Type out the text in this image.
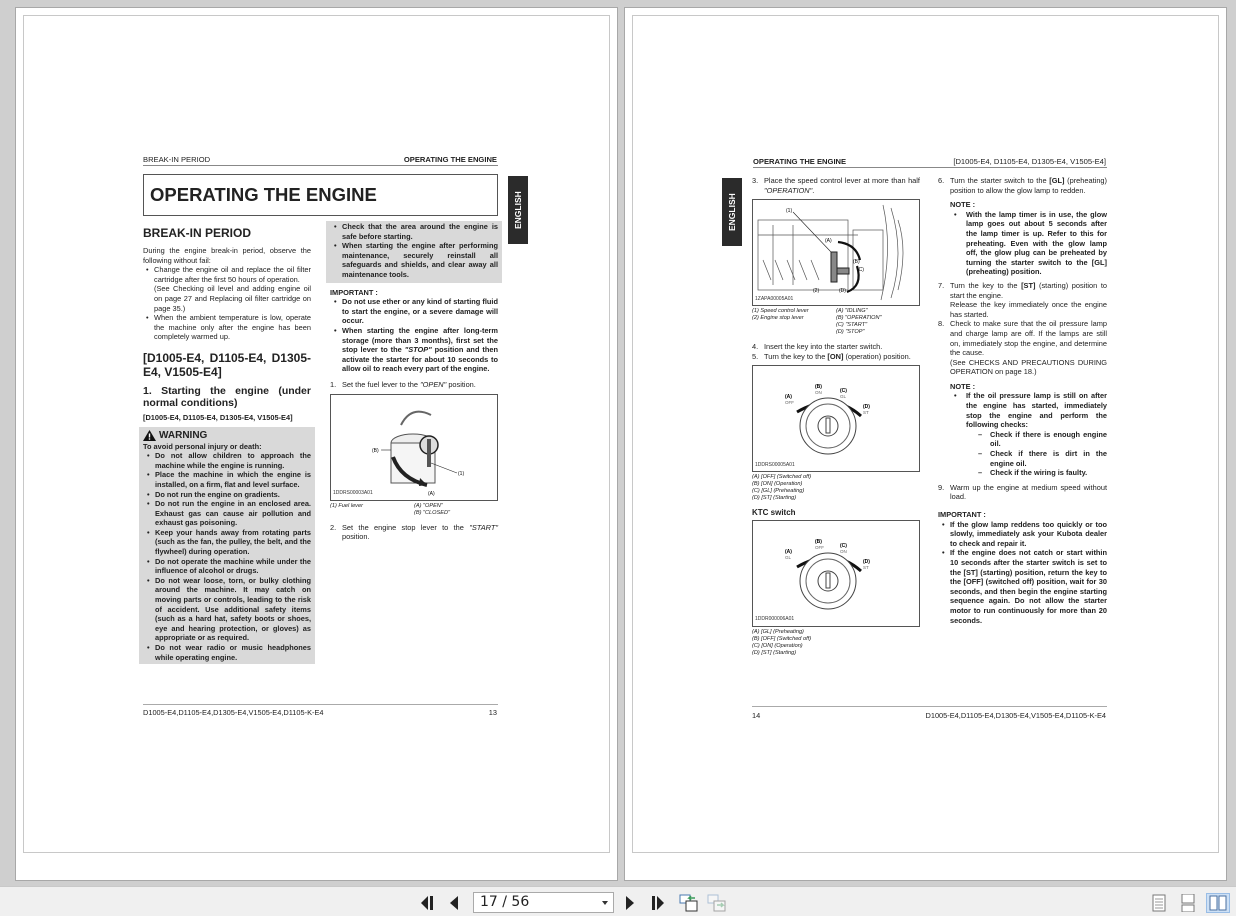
BREAK-IN PERIOD	OPERATING THE ENGINE
OPERATING THE ENGINE	ENGLISH
BREAK-IN PERIOD

During the engine break-in period, observe the following without fail:

• Change the engine oil and replace the oil filter cartridge after the first 50 hours of operation.
(See Checking oil level and adding engine oil on page 27 and Replacing oil filter cartridge on page 35.)
• When the ambient temperature is low, operate the machine only after the engine has been completely warmed up.
[D1005-E4, D1105-E4, D1305-E4, V1505-E4]
1. Starting the engine (under normal conditions)
[D1005-E4, D1105-E4, D1305-E4, V1505-E4]
WARNING

To avoid personal injury or death:

• Do not allow children to approach the machine while the engine is running.
• Place the machine in which the engine is installed, on a firm, flat and level surface.
• Do not run the engine on gradients.
• Do not run the engine in an enclosed area. Exhaust gas can cause air pollution and exhaust gas poisoning.
• Keep your hands away from rotating parts (such as the fan, the pulley, the belt, and the flywheel) during operation.
• Do not operate the machine while under the influence of alcohol or drugs.
• Do not wear loose, torn, or bulky clothing around the machine. It may catch on moving parts or controls, leading to the risk of accident. Use additional safety items (such as a hard hat, safety boots or shoes, eye and hearing protection, or gloves) as appropriate or as required.
• Do not wear radio or music headphones while operating engine.
• Check that the area around the engine is safe before starting.
• When starting the engine after performing maintenance, securely reinstall all safeguards and shields, and clear away all maintenance tools.
IMPORTANT :
• Do not use ether or any kind of starting fluid to start the engine, or a severe damage will occur.
• When starting the engine after long-term storage (more than 3 months), first set the stop lever to the "STOP" position and then activate the starter for about 10 seconds to allow oil to reach every part of the engine.
1. Set the fuel lever to the "OPEN" position.
(1)
(B)
(A)
1DDRS00003A01
(1) Fuel lever	(A) "OPEN"
(B) "CLOSED"
2. Set the engine stop lever to the "START" position.
D1005-E4,D1105-E4,D1305-E4,V1505-E4,D1105-K-E4	13
OPERATING THE ENGINE	[D1005-E4, D1105-E4, D1305-E4, V1505-E4]
ENGLISH
3. Place the speed control lever at more than half "OPERATION".
(1)
(2)
(A)
(B)
(C)
(D)
1ZAPA00005A01
(1) Speed control lever	(A) "IDLING"
(2) Engine stop lever	(B) "OPERATION"
(C) "START"
(D) "STOP"
4. Insert the key into the starter switch.
5. Turn the key to the [ON] (operation) position.
(A)
OFF
(B)
ON	(C)
GL
(D)
ST
1DDRS00005A01
(A) [OFF] (Switched off)
(B) [ON] (Operation)
(C) [GL] (Preheating)
(D) [ST] (Starting)
KTC switch
(A)
GL
(B)
OFF	(C)
ON
(D)
ST
1DDR000006A01
(A) [GL] (Preheating)
(B) [OFF] (Switched off)
(C) [ON] (Operation)
(D) [ST] (Starting)
6. Turn the starter switch to the [GL] (preheating) position to allow the glow lamp to redden.
NOTE :
• With the lamp timer is in use, the glow lamp goes out about 5 seconds after the lamp timer is up. Refer to this for preheating. Even with the glow lamp off, the glow plug can be preheated by turning the starter switch to the [GL] (preheating) position.
7. Turn the key to the [ST] (starting) position to start the engine.
Release the key immediately once the engine has started.
8. Check to make sure that the oil pressure lamp and charge lamp are off. If the lamps are still on, immediately stop the engine, and determine the cause.
(See CHECKS AND PRECAUTIONS DURING OPERATION on page 18.)
NOTE :
• If the oil pressure lamp is still on after the engine has started, immediately stop the engine and perform the following checks:
– Check if there is enough engine oil.
– Check if there is dirt in the engine oil.
– Check if the wiring is faulty.
9. Warm up the engine at medium speed without load.
IMPORTANT :
• If the glow lamp reddens too quickly or too slowly, immediately ask your Kubota dealer to check and repair it.
• If the engine does not catch or start within 10 seconds after the starter switch is set to the [ST] (starting) position, return the key to the [OFF] (switched off) position, wait for 30 seconds, and then begin the engine starting sequence again. Do not allow the starter motor to run continuously for more than 20 seconds.
14	D1005-E4,D1105-E4,D1305-E4,V1505-E4,D1105-K-E4
17 / 56
